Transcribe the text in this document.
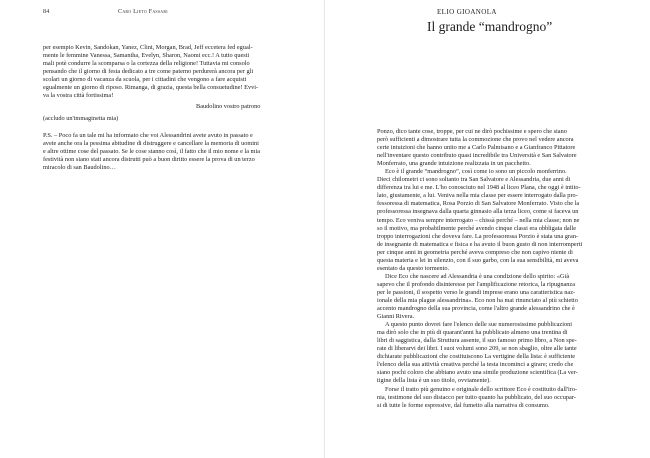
84	Caro Lieto Fassari

per esempio Kevin, Sandokan, Yanez, Clint, Morgan, Brad, Jeff eccetera fed egual-

mente le femmine Vanessa, Samantha, Evelyn, Sharon, Naomi ecc.! A tutto questi

mali potè condurre la scomparsa o la cortezza della religione! Tuttavia mi consolo

pensando che il giorno di festa dedicato a tre come paterno perdurerà ancora per gli

scolari un giorno di vacanza da scuola, per i cittadini che vengono a fare acquisti

egualmente un giorno di riposo. Rimanga, di grazia, questa bella consuetudine! Evvi-

va la vostra città fortissima!

Baudolino vostro patrono
(accludo un'immaginetta mia)

P.S. – Poco fa un tale mi ha informato che voi Alessandrini avete avuto in passato e

avete anche ora la pessima abitudine di distruggere e cancellare la memoria di uomini

e altre ottime cose del passato. Se le cose stanno così, il fatto che il mio nome e la mia

festività non siano stati ancora distrutti può a buon diritto essere la prova di un terzo

miracolo di san Baudolino…

ELIO GIOANOLA
Il grande “mandrogno”

Ponzo, dico tante cose, troppe, per cui ne dirò pochissime e spero che siano

però sufficienti a dimostrare tutta la commozione che provo nel vedere ancora

certe intuizioni che hanno unito me a Carlo Palmisano e a Gianfranco Pittatore

nell'inventare questo contributo quasi incredibile tra Università e San Salvatore

Monferrato, una grande intuizione realizzata in un pacchetto.

Eco è il grande “mandrogno”, così come io sono un piccolo monferrino.

Dieci chilometri ci sono soltanto tra San Salvatore e Alessandria, due anni di

differenza tra lui e me. L'ho conosciuto nel 1948 al liceo Plana, che oggi è intito-

lato, giustamente, a lui. Veniva nella mia classe per essere interrogato dalla pro-

fessoressa di matematica, Rosa Porzio di San Salvatore Monferrato. Visto che la

professoressa insegnava dalla quarta ginnasio alla terza liceo, come si faceva un

tempo. Eco veniva sempre interrogato – chissà perché – nella mia classe; non ne

so il motivo, ma probabilmente perché avendo cinque classi era obbligata dalle

troppo interrogazioni che doveva fare. La professoressa Porzio è stata una gran-

de insegnante di matematica e fisica e ha avuto il buon gusto di non interromperti

per cinque anni in geometria perché aveva compreso che non capivo niente di

questa materia e lei in silenzio, con il suo garbo, con la sua sensibilità, mi aveva

esentato da questo tormento.

Dice Eco che nascere ad Alessandria è una condizione dello spirito: «Già

sapevo che il profondo disinteresse per l'amplificazione retorica, la ripugnanza

per le passioni, il sospetto verso le grandi imprese erano una caratteristica naz-

ionale della mia plague alessandrina». Eco non ha mai rinunciato al più schietto

accento mandrogno della sua provincia, come l'altro grande alessandrino che è

Gianni Rivera.

A questo punto dovrei fare l'elenco delle sue numerosissime pubblicazioni

ma dirò solo che in più di quarant'anni ha pubblicato almeno una trentina di

libri di saggistica, dalla Struttura assente, il suo famoso primo libro, a Non spe-

rate di liberarvi dei libri. I suoi volumi sono 209, se non sbaglio, oltre alle tante

dichiarate pubblicazioni che costituiscono La vertigine della lista: è sufficiente

l'elenco della sua attività creativa perché la testa incominci a girare; credo che

siano pochi coloro che abbiano avuto una simile produzione scientifica (La ver-

tigine della lista è un suo titolo, ovviamente).

Forse il tratto più genuino e originale dello scrittore Eco è costituito dall'iro-

nia, testimone del suo distacco per tutto quanto ha pubblicato, del suo occupar-

si di tutte le forme espressive, dal fumetto alla narrativa di consumo.
